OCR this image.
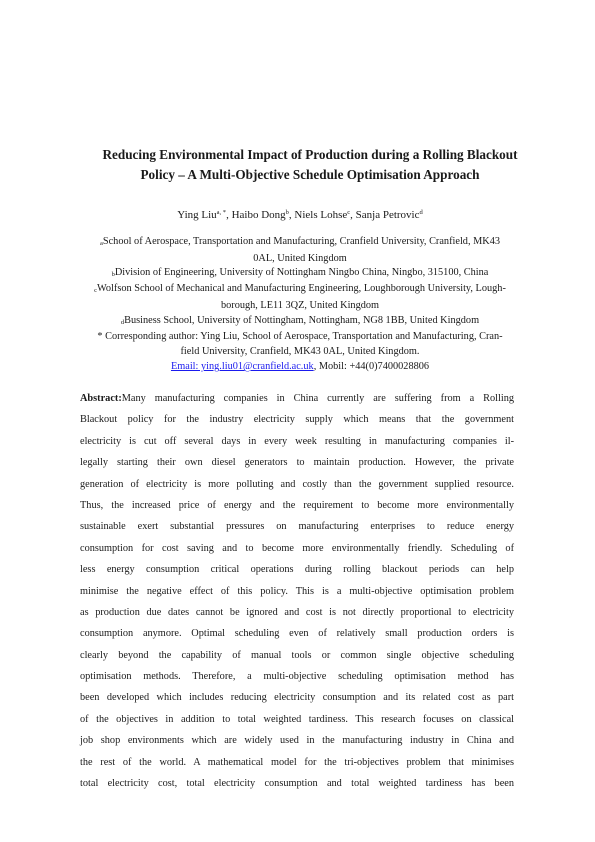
Reducing Environmental Impact of Production during a Rolling Blackout
Policy – A Multi-Objective Schedule Optimisation Approach
Ying Liu$^{a, *}$, Haibo Dong$^b$, Niels Lohse$^c$, Sanja Petrovic$^d$
$_a$School of Aerospace, Transportation and Manufacturing, Cranfield University, Cranfield, MK43
0AL, United Kingdom
$_b$Division of Engineering, University of Nottingham Ningbo China, Ningbo, 315100, China
$_c$Wolfson School of Mechanical and Manufacturing Engineering, Loughborough University, Lough-
borough, LE11 3QZ, United Kingdom
$_d$Business School, University of Nottingham, Nottingham, NG8 1BB, United Kingdom
* Corresponding author: Ying Liu, School of Aerospace, Transportation and Manufacturing, Cran-
field University, Cranfield, MK43 0AL, United Kingdom.
Email: ying.liu01@cranfield.ac.uk, Mobil: +44(0)7400028806
Abstract:Many manufacturing companies in China currently are suffering from a Rolling
Blackout policy for the industry electricity supply which means that the government
electricity is cut off several days in every week resulting in manufacturing companies il-
legally starting their own diesel generators to maintain production. However, the private
generation of electricity is more polluting and costly than the government supplied resource.
Thus, the increased price of energy and the requirement to become more environmentally
sustainable exert substantial pressures on manufacturing enterprises to reduce energy
consumption for cost saving and to become more environmentally friendly. Scheduling of
less energy consumption critical operations during rolling blackout periods can help
minimise the negative effect of this policy. This is a multi-objective optimisation problem
as production due dates cannot be ignored and cost is not directly proportional to electricity
consumption anymore. Optimal scheduling even of relatively small production orders is
clearly beyond the capability of manual tools or common single objective scheduling
optimisation methods. Therefore, a multi-objective scheduling optimisation method has
been developed which includes reducing electricity consumption and its related cost as part
of the objectives in addition to total weighted tardiness. This research focuses on classical
job shop environments which are widely used in the manufacturing industry in China and
the rest of the world. A mathematical model for the tri-objectives problem that minimises
total electricity cost, total electricity consumption and total weighted tardiness has been
